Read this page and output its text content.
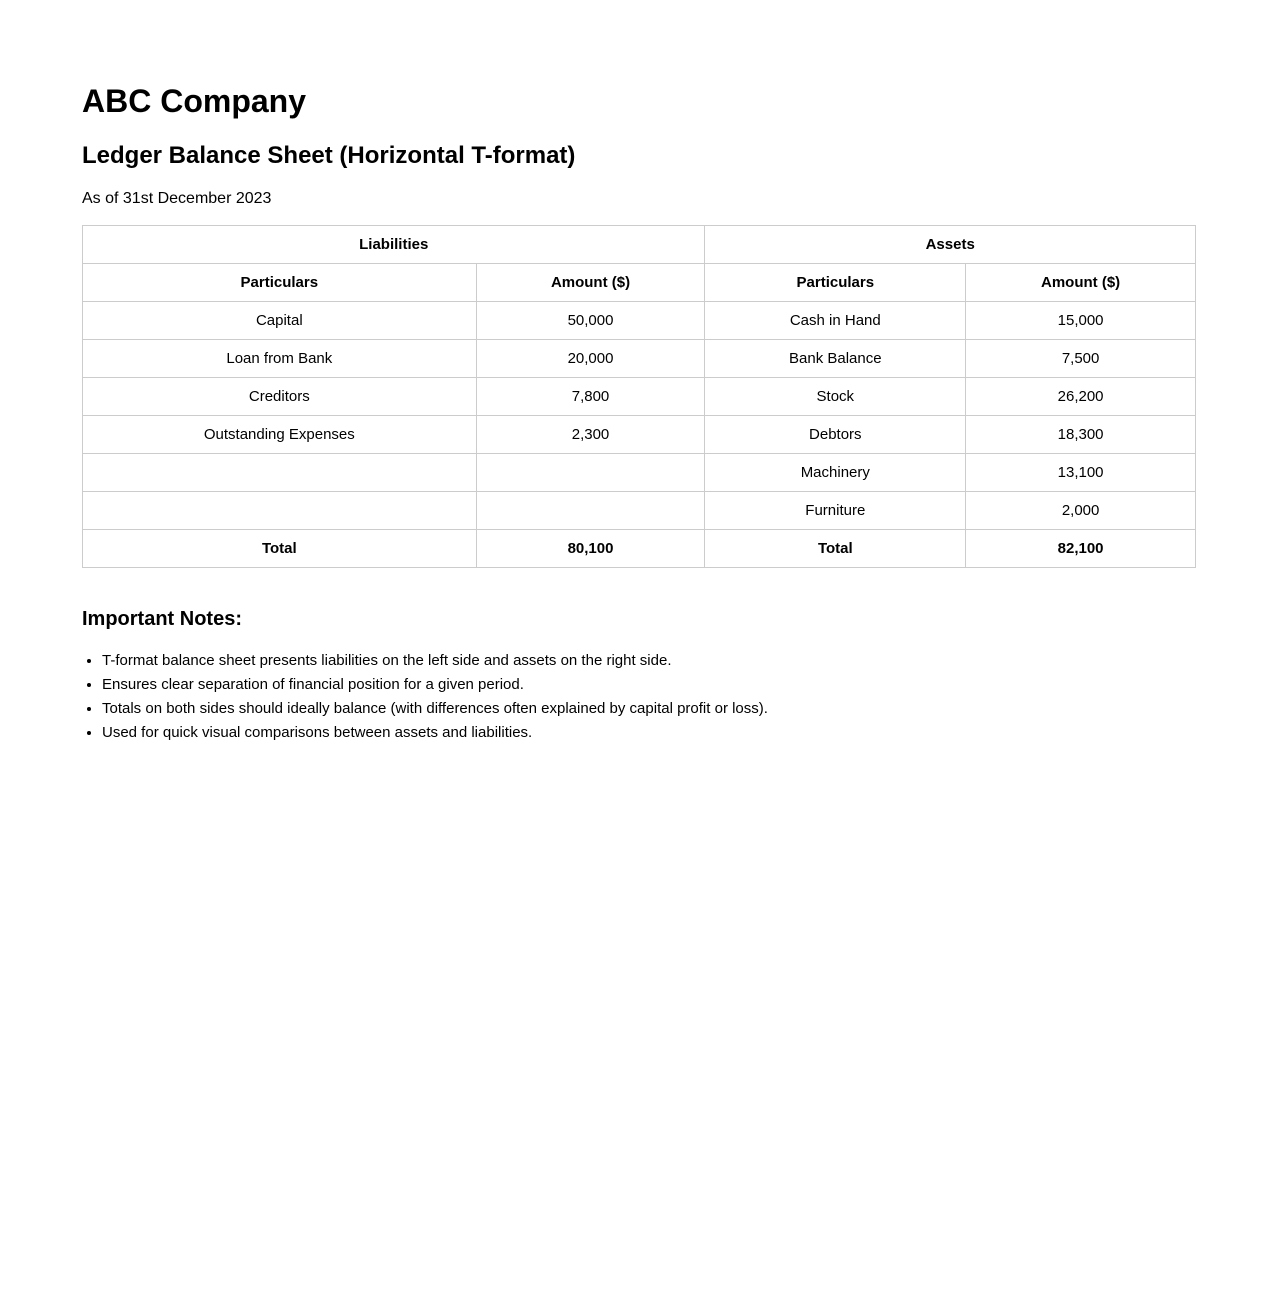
ABC Company
Ledger Balance Sheet (Horizontal T-format)

As of 31st December 2023

Liabilities		Assets	
Particulars	Amount ($)	Particulars	Amount ($)
Capital	50,000	Cash in Hand	15,000
Loan from Bank	20,000	Bank Balance	7,500
Creditors	7,800	Stock	26,200
Outstanding Expenses	2,300	Debtors	18,300
		Machinery	13,100
		Furniture	2,000
Total	80,100	Total	82,100
Important Notes:
• T-format balance sheet presents liabilities on the left side and assets on the right side.
• Ensures clear separation of financial position for a given period.
• Totals on both sides should ideally balance (with differences often explained by capital profit or loss).
• Used for quick visual comparisons between assets and liabilities.
